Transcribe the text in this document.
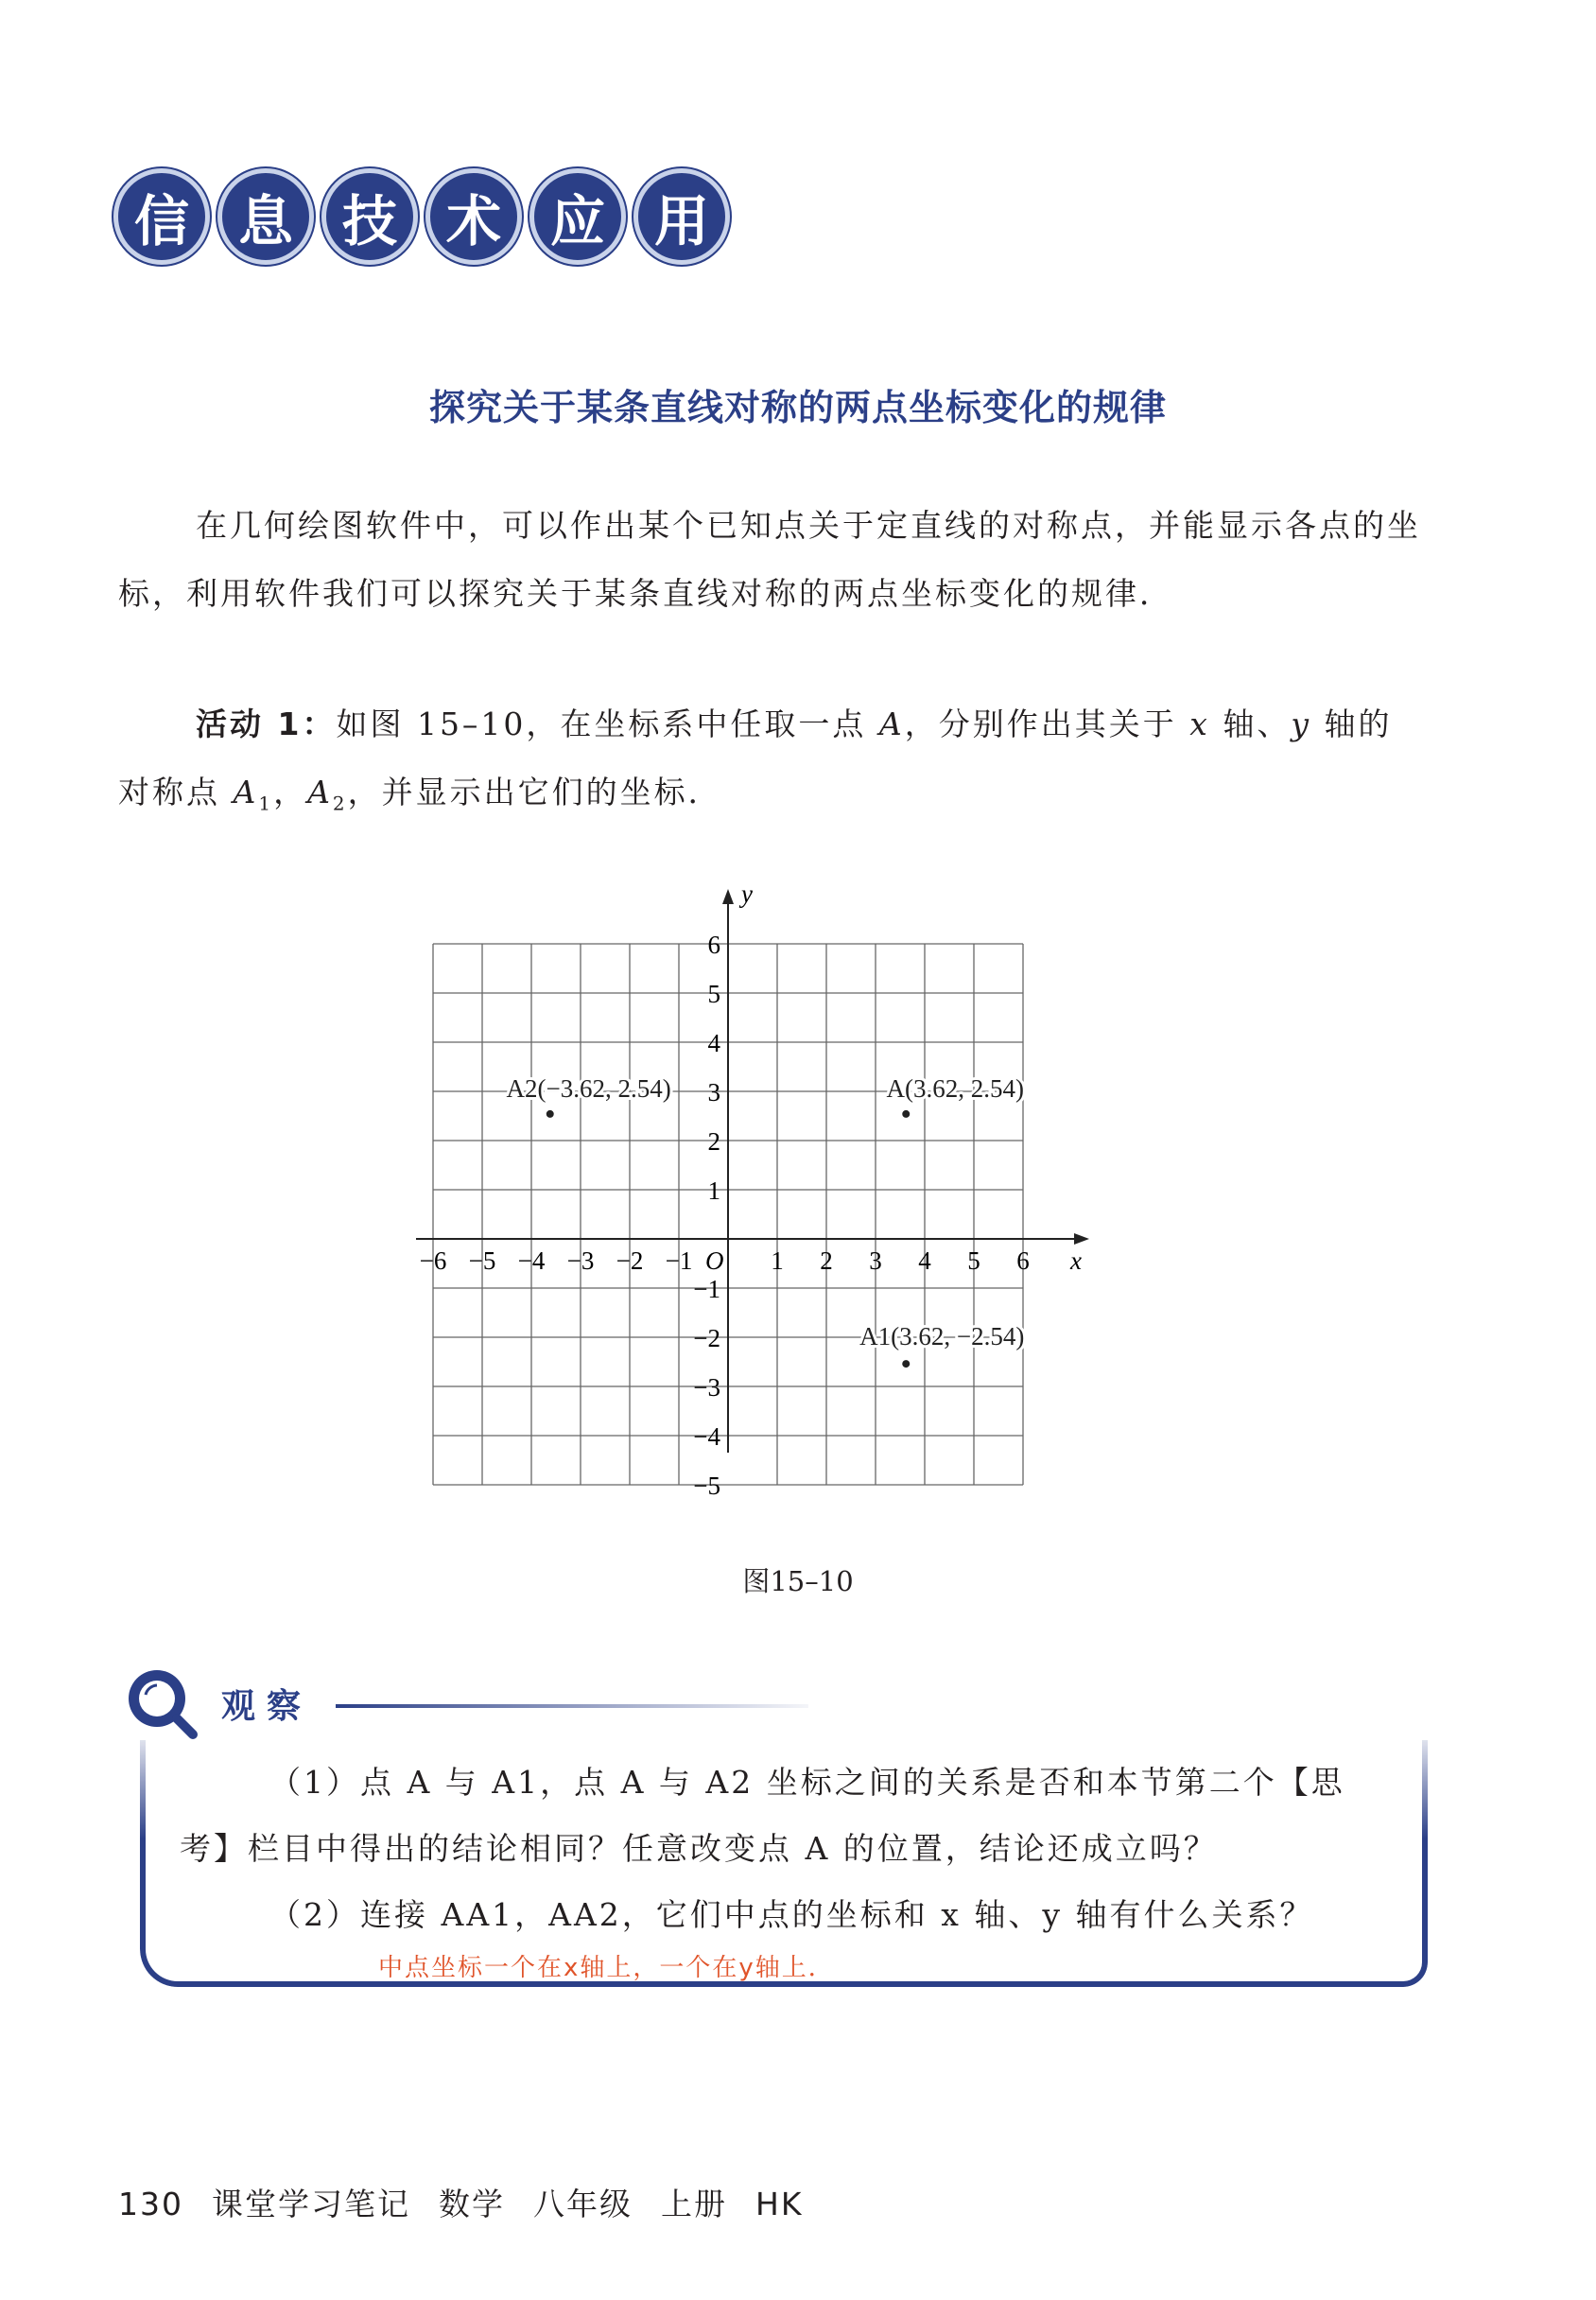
信 息 技 术 应 用
探究关于某条直线对称的两点坐标变化的规律

在几何绘图软件中，可以作出某个已知点关于定直线的对称点，并能显示各点的坐标，利用软件我们可以探究关于某条直线对称的两点坐标变化的规律．

活动 1：如图 15–10，在坐标系中任取一点 A，分别作出其关于 x 轴、y 轴的对称点 $A_1$，$A_2$，并显示出它们的坐标．

x
y
O
−6 −5 −4 −3 −2 −1	1 2 3 4 5 6
6
5
4
3
2
1
−1
−2
−3
−4
−5
A(3.62, 2.54)
A1(3.62, −2.54)
A2(−3.62, 2.54)
图15–10
观察

（1）点 A 与 A1，点 A 与 A2 坐标之间的关系是否和本节第二个【思

考】栏目中得出的结论相同？任意改变点 A 的位置，结论还成立吗？

（2）连接 AA1，AA2，它们中点的坐标和 x 轴、y 轴有什么关系？

中点坐标一个在x轴上，一个在y轴上．
130 课堂学习笔记 数学 八年级 上册 HK
